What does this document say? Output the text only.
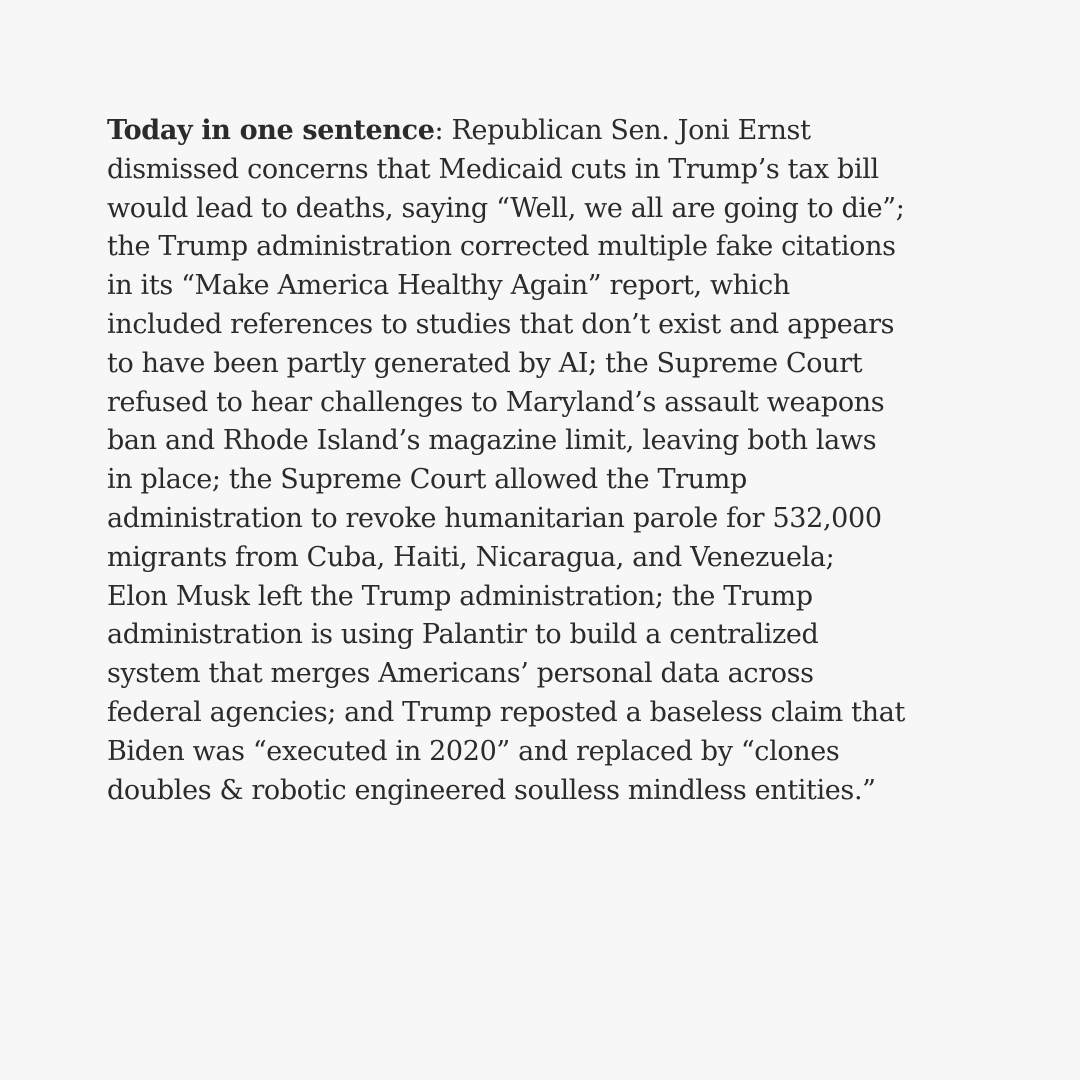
Today in one sentence: Republican Sen. Joni Ernst
dismissed concerns that Medicaid cuts in Trump’s tax bill
would lead to deaths, saying “Well, we all are going to die”;
the Trump administration corrected multiple fake citations
in its “Make America Healthy Again” report, which
included references to studies that don’t exist and appears
to have been partly generated by AI; the Supreme Court
refused to hear challenges to Maryland’s assault weapons
ban and Rhode Island’s magazine limit, leaving both laws
in place; the Supreme Court allowed the Trump
administration to revoke humanitarian parole for 532,000
migrants from Cuba, Haiti, Nicaragua, and Venezuela;
Elon Musk left the Trump administration; the Trump
administration is using Palantir to build a centralized
system that merges Americans’ personal data across
federal agencies; and Trump reposted a baseless claim that
Biden was “executed in 2020” and replaced by “clones
doubles & robotic engineered soulless mindless entities.”
